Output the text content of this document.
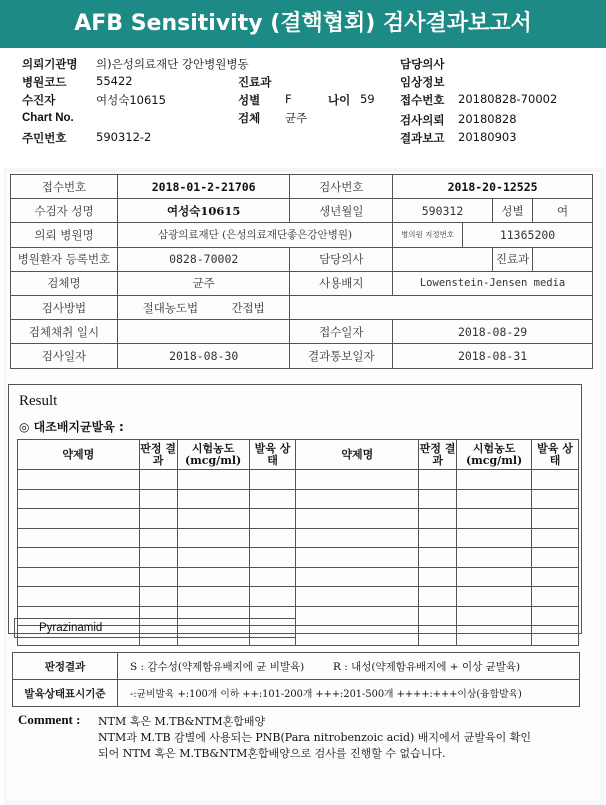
AFB Sensitivity (결핵협회) 검사결과보고서
의뢰기관명 의)은성의료재단 강안병원병동	담당의사
병원코드	55422	진료과	임상정보
수진자	여성숙10615	성별 F	나이 59 접수번호 20180828-70002
Chart No.	검체 균주	검사의뢰 20180828
주민번호	590312-2	결과보고 20180903
접수번호	2018-01-2-21706	검사번호	2018-20-12525			
수검자 성명	여성숙10615	생년월일	590312		성별	여
의뢰 병원명	삼광의료재단 (은성의료재단좋은강안병원)		병의원 지정번호	11365200		
병원환자 등록번호	0828-70002	담당의사			진료과	
검체명	균주	사용배지	Lowenstein-Jensen media			
검사방법	절대농도법 간접법					
검체채취 일시		접수일자	2018-08-29			
검사일자	2018-08-30	결과통보일자	2018-08-31			
Result
◎ 대조배지균발육 :
약제명	판정 결과	시험농도 (mcg/ml)	발육 상태	약제명	판정 결과	시험농도 (mcg/ml)	발육 상태

Pyrazinamid
판정결과	S : 감수성(약제함유배지에 균 비발육) R : 내성(약제함유배지에 + 이상 균발육)
발육상태표시기준	-:균비발육 +:100개 이하 ++:101-200개 +++:201-500개 ++++:+++이상(융합발육)
Comment : NTM 혹은 M.TB&NTM혼합배양
NTM과 M.TB 감별에 사용되는 PNB(Para nitrobenzoic acid) 배지에서 균발육이 확인
되어 NTM 혹은 M.TB&NTM혼합배양으로 검사를 진행할 수 없습니다.
